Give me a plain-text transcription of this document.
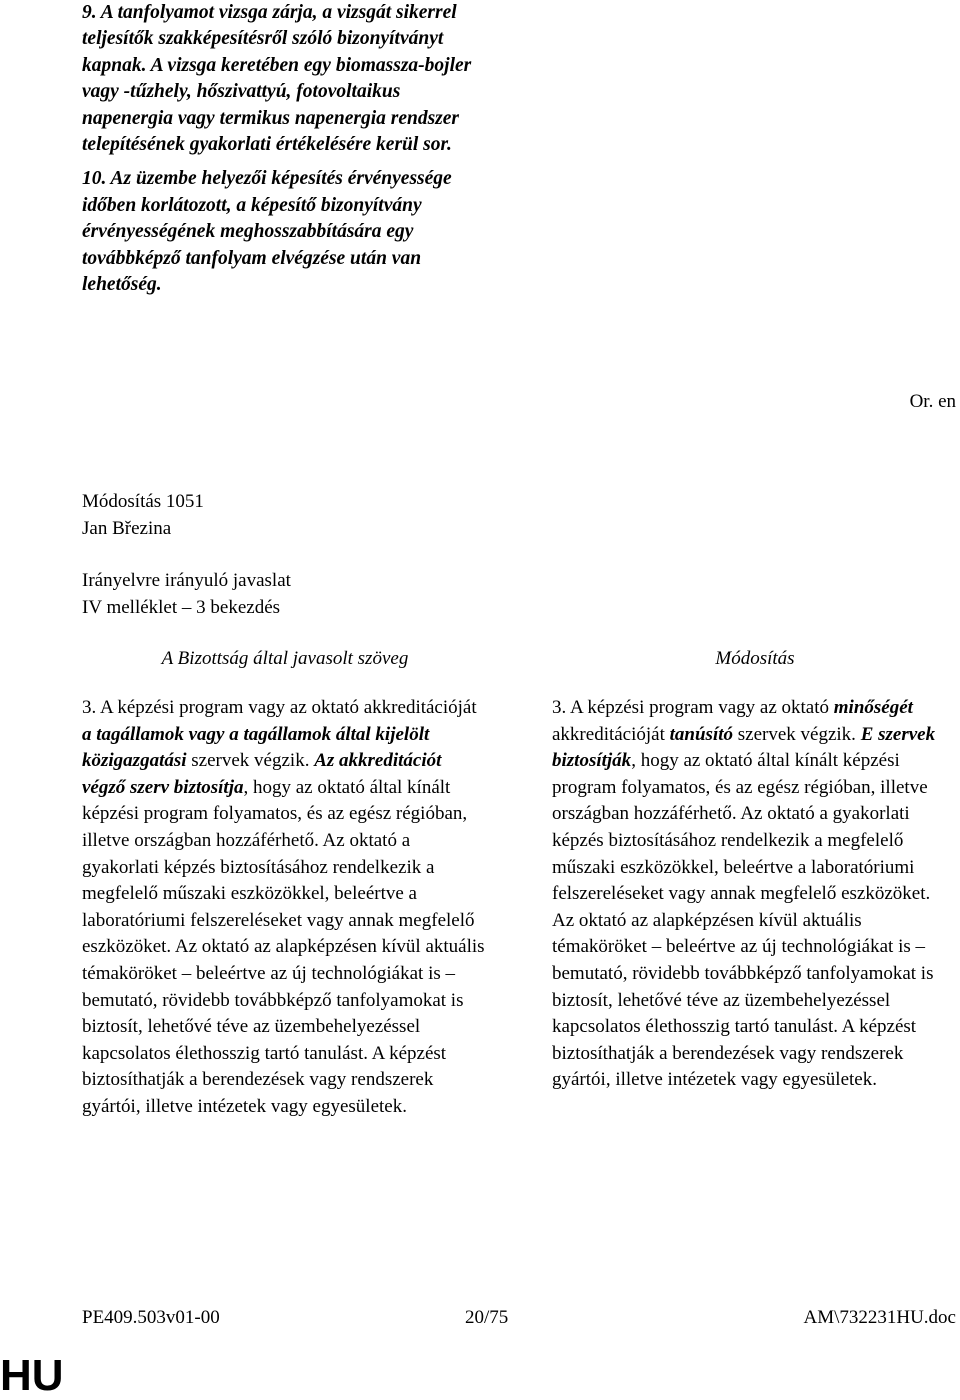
9. A tanfolyamot vizsga zárja, a vizsgát sikerrel teljesítők szakképesítésről szóló bizonyítványt kapnak. A vizsga keretében egy biomassza-bojler vagy -tűzhely, hőszivattyú, fotovoltaikus napenergia vagy termikus napenergia rendszer telepítésének gyakorlati értékelésére kerül sor.

10. Az üzembe helyezői képesítés érvényessége időben korlátozott, a képesítő bizonyítvány érvényességének meghosszabbítására egy továbbképző tanfolyam elvégzése után van lehetőség.

Or. en
Módosítás 1051
Jan Březina
Irányelvre irányuló javaslat
IV melléklet – 3 bekezdés
A Bizottság által javasolt szöveg	Módosítás

3. A képzési program vagy az oktató akkreditációját a tagállamok vagy a tagállamok által kijelölt közigazgatási szervek végzik. Az akkreditációt végző szerv biztosítja, hogy az oktató által kínált képzési program folyamatos, és az egész régióban, illetve országban hozzáférhető. Az oktató a gyakorlati képzés biztosításához rendelkezik a megfelelő műszaki eszközökkel, beleértve a laboratóriumi felszereléseket vagy annak megfelelő eszközöket. Az oktató az alapképzésen kívül aktuális témaköröket – beleértve az új technológiákat is – bemutató, rövidebb továbbképző tanfolyamokat is biztosít, lehetővé téve az üzembehelyezéssel kapcsolatos élethosszig tartó tanulást. A képzést biztosíthatják a berendezések vagy rendszerek gyártói, illetve intézetek vagy egyesületek.

3. A képzési program vagy az oktató minőségét akkreditációját tanúsító szervek végzik. E szervek biztosítják, hogy az oktató által kínált képzési program folyamatos, és az egész régióban, illetve országban hozzáférhető. Az oktató a gyakorlati képzés biztosításához rendelkezik a megfelelő műszaki eszközökkel, beleértve a laboratóriumi felszereléseket vagy annak megfelelő eszközöket. Az oktató az alapképzésen kívül aktuális témaköröket – beleértve az új technológiákat is – bemutató, rövidebb továbbképző tanfolyamokat is biztosít, lehetővé téve az üzembehelyezéssel kapcsolatos élethosszig tartó tanulást. A képzést biztosíthatják a berendezések vagy rendszerek gyártói, illetve intézetek vagy egyesületek.

PE409.503v01-00	20/75	AM\732231HU.doc
HU
